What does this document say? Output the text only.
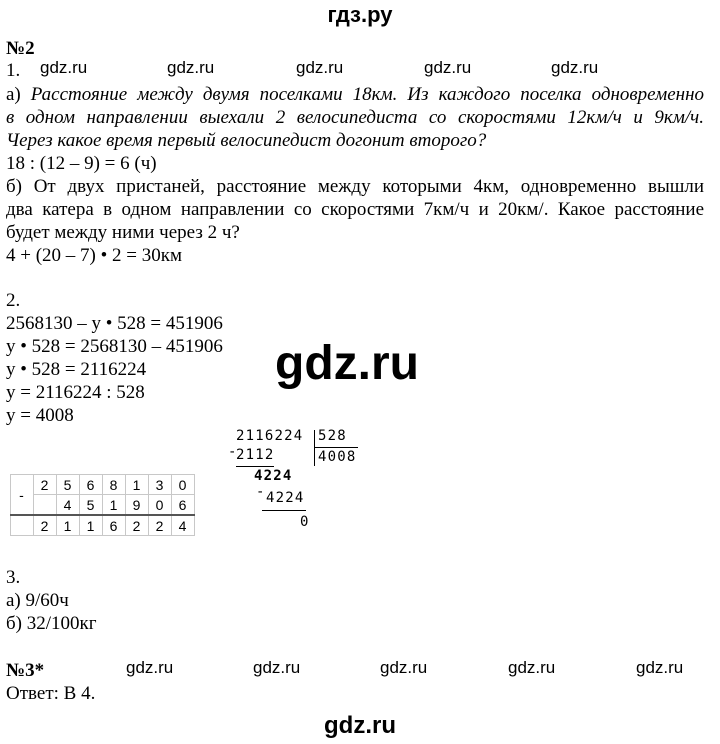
гдз.ру
№2
1. gdz.ru	gdz.ru	gdz.ru	gdz.ru	gdz.ru
а) Расстояние между двумя поселками 18км. Из каждого поселка одновременно
в одном направлении выехали 2 велосипедиста со скоростями 12км/ч и 9км/ч.
Через какое время первый велосипедист догонит второго?
18 : (12 – 9) = 6 (ч)
б) От двух пристаней, расстояние между которыми 4км, одновременно вышли
два катера в одном направлении со скоростями 7км/ч и 20км/. Какое расстояние
будет между ними через 2 ч?
4 + (20 – 7) • 2 = 30км
2.
2568130 – y • 528 = 451906
y • 528 = 2568130 – 451906
y • 528 = 2116224
y = 2116224 : 528
y = 4008
gdz.ru
-	2	5	6	8	1	3	0
		4	5	1	9	0	6
	2	1	1	6	2	2	4
2116224 528
-
2112	4008
4224
- 4224
0
3.
а) 9/60ч
б) 32/100кг
№3*	gdz.ru	gdz.ru	gdz.ru	gdz.ru	gdz.ru
Ответ: В 4.
gdz.ru
